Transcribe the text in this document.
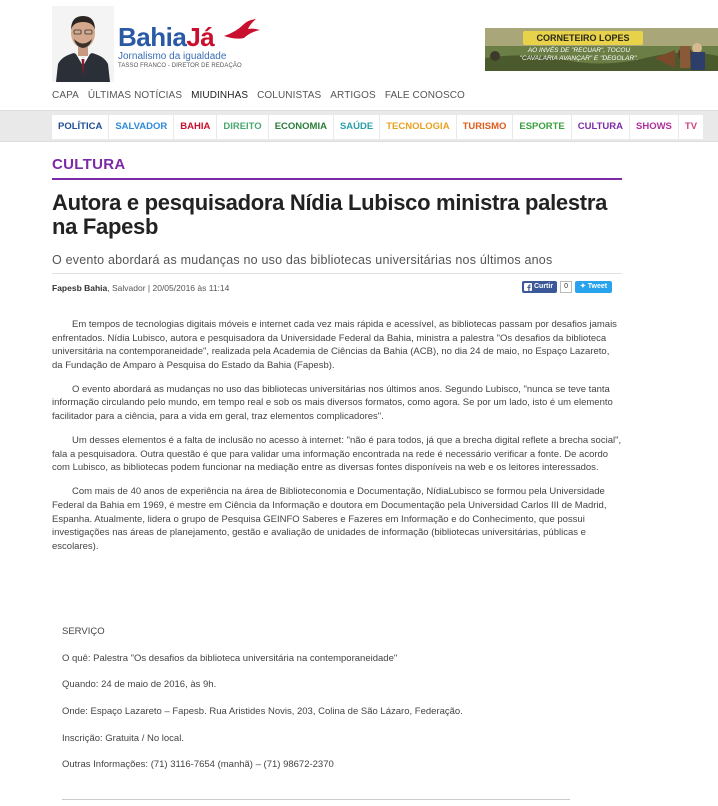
BahiaJá
Jornalismo da igualdade
TASSO FRANCO - DIRETOR DE REDAÇÃO
CORNETEIRO LOPES
AO INVÉS DE "RECUAR", TOCOU "CAVALARIA AVANÇAR" E "DEGOLAR".
CAPA ÚLTIMAS NOTÍCIAS MIUDINHAS COLUNISTAS ARTIGOS FALE CONOSCO
POLÍTICA	SALVADOR	BAHIA	DIREITO	ECONOMIA	SAÚDE	TECNOLOGIA	TURISMO	ESPORTE	CULTURA	SHOWS	TV
CULTURA
Autora e pesquisadora Nídia Lubisco ministra palestra na Fapesb
O evento abordará as mudanças no uso das bibliotecas universitárias nos últimos anos
Fapesb Bahia, Salvador | 20/05/2016 às 11:14	Curtir	0	✦ Tweet

Em tempos de tecnologias digitais móveis e internet cada vez mais rápida e acessível, as bibliotecas passam por desafios jamais enfrentados. Nídia Lubisco, autora e pesquisadora da Universidade Federal da Bahia, ministra a palestra "Os desafios da biblioteca universitária na contemporaneidade", realizada pela Academia de Ciências da Bahia (ACB), no dia 24 de maio, no Espaço Lazareto, da Fundação de Amparo à Pesquisa do Estado da Bahia (Fapesb).

O evento abordará as mudanças no uso das bibliotecas universitárias nos últimos anos. Segundo Lubisco, "nunca se teve tanta informação circulando pelo mundo, em tempo real e sob os mais diversos formatos, como agora. Se por um lado, isto é um elemento facilitador para a ciência, para a vida em geral, traz elementos complicadores".

Um desses elementos é a falta de inclusão no acesso à internet: "não é para todos, já que a brecha digital reflete a brecha social", fala a pesquisadora. Outra questão é que para validar uma informação encontrada na rede é necessário verificar a fonte. De acordo com Lubisco, as bibliotecas podem funcionar na mediação entre as diversas fontes disponíveis na web e os leitores interessados.

Com mais de 40 anos de experiência na área de Biblioteconomia e Documentação, NídiaLubisco se formou pela Universidade Federal da Bahia em 1969, é mestre em Ciência da Informação e doutora em Documentação pela Universidad Carlos III de Madrid, Espanha. Atualmente, lidera o grupo de Pesquisa GEINFO Saberes e Fazeres em Informação e do Conhecimento, que possui investigações nas áreas de planejamento, gestão e avaliação de unidades de informação (bibliotecas universitárias, públicas e escolares).

SERVIÇO

O quê: Palestra "Os desafios da biblioteca universitária na contemporaneidade"

Quando: 24 de maio de 2016, às 9h.

Onde: Espaço Lazareto – Fapesb. Rua Aristides Novis, 203, Colina de São Lázaro, Federação.

Inscrição: Gratuita / No local.

Outras Informações: (71) 3116-7654 (manhã) – (71) 98672-2370
